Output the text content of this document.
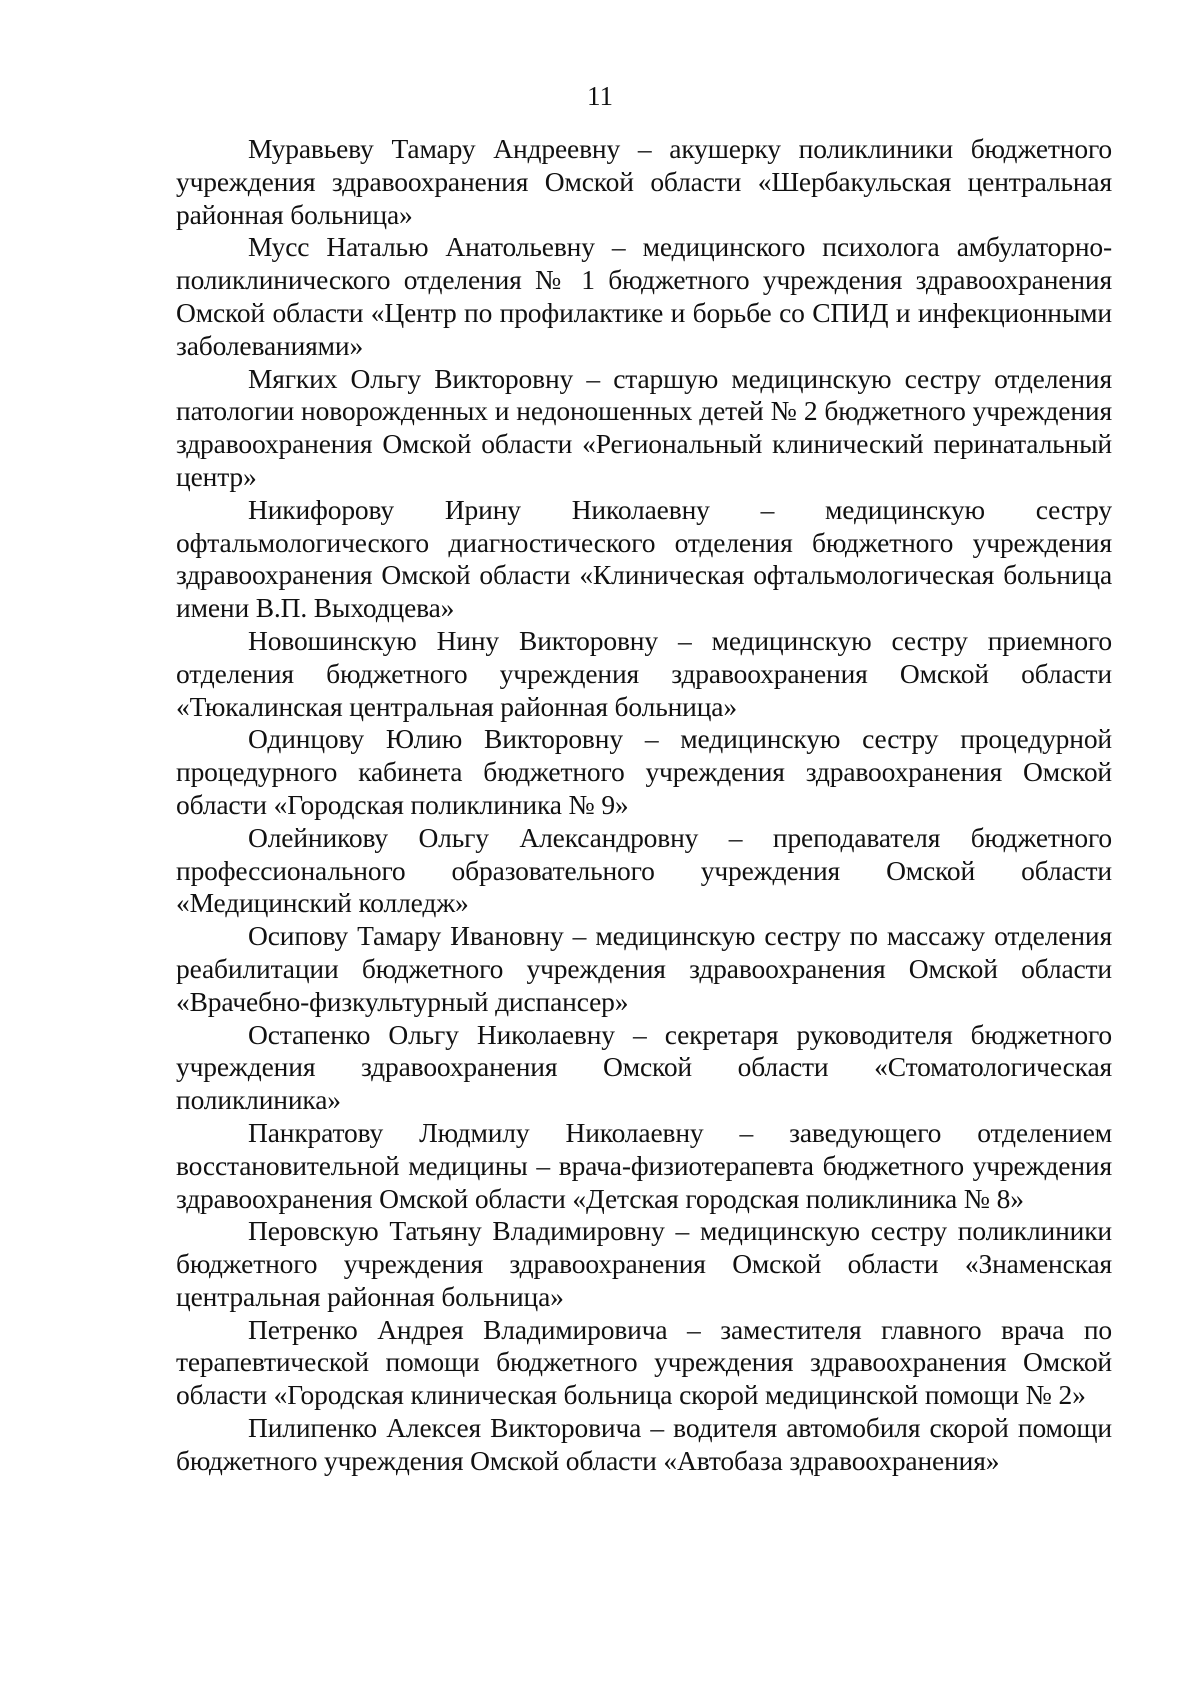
11

Муравьеву Тамару Андреевну – акушерку поликлиники бюджетного учреждения здравоохранения Омской области «Шербакульская центральная районная больница»

Мусс Наталью Анатольевну – медицинского психолога амбулаторно-поликлинического отделения № 1 бюджетного учреждения здравоохранения Омской области «Центр по профилактике и борьбе со СПИД и инфекционными заболеваниями»

Мягких Ольгу Викторовну – старшую медицинскую сестру отделения патологии новорожденных и недоношенных детей № 2 бюджетного учреждения здравоохранения Омской области «Региональный клинический перинатальный центр»

Никифорову Ирину Николаевну – медицинскую сестру офтальмологического диагностического отделения бюджетного учреждения здравоохранения Омской области «Клиническая офтальмологическая больница имени В.П. Выходцева»

Новошинскую Нину Викторовну – медицинскую сестру приемного отделения бюджетного учреждения здравоохранения Омской области «Тюкалинская центральная районная больница»

Одинцову Юлию Викторовну – медицинскую сестру процедурной процедурного кабинета бюджетного учреждения здравоохранения Омской области «Городская поликлиника № 9»

Олейникову Ольгу Александровну – преподавателя бюджетного профессионального образовательного учреждения Омской области «Медицинский колледж»

Осипову Тамару Ивановну – медицинскую сестру по массажу отделения реабилитации бюджетного учреждения здравоохранения Омской области «Врачебно-физкультурный диспансер»

Остапенко Ольгу Николаевну – секретаря руководителя бюджетного учреждения здравоохранения Омской области «Стоматологическая поликлиника»

Панкратову Людмилу Николаевну – заведующего отделением восстановительной медицины – врача-физиотерапевта бюджетного учреждения здравоохранения Омской области «Детская городская поликлиника № 8»

Перовскую Татьяну Владимировну – медицинскую сестру поликлиники бюджетного учреждения здравоохранения Омской области «Знаменская центральная районная больница»

Петренко Андрея Владимировича – заместителя главного врача по терапевтической помощи бюджетного учреждения здравоохранения Омской области «Городская клиническая больница скорой медицинской помощи № 2»

Пилипенко Алексея Викторовича – водителя автомобиля скорой помощи бюджетного учреждения Омской области «Автобаза здравоохранения»
